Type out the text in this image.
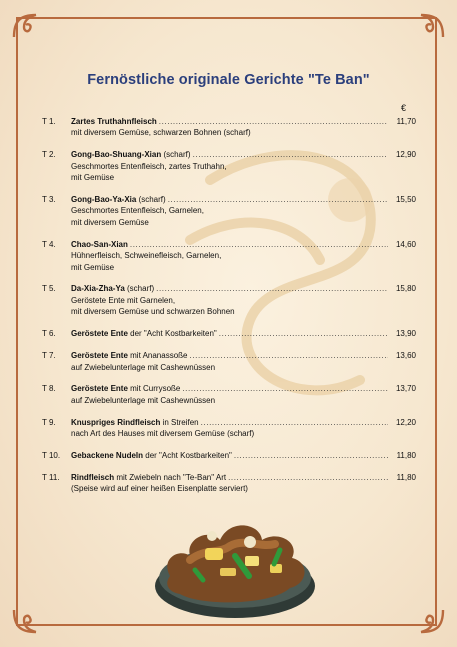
Fernöstliche originale Gerichte "Te Ban"
€
T 1. Zartes Truthahnfleisch .....	11,70
mit diversem Gemüse, schwarzen Bohnen (scharf)
T 2. Gong-Bao-Shuang-Xian (scharf) .....	12,90
Geschmortes Entenfleisch, zartes Truthahn,
mit Gemüse
T 3. Gong-Bao-Ya-Xia (scharf) .....	15,50
Geschmortes Entenfleisch, Garnelen,
mit diversem Gemüse
T 4. Chao-San-Xian .....	14,60
Hühnerfleisch, Schweinefleisch, Garnelen,
mit Gemüse
T 5. Da-Xia-Zha-Ya (scharf) .....	15,80
Geröstete Ente mit Garnelen,
mit diversem Gemüse und schwarzen Bohnen
T 6. Geröstete Ente der "Acht Kostbarkeiten" .....	13,90
T 7. Geröstete Ente mit Ananassoße .....	13,60
auf Zwiebelunterlage mit Cashewnüssen
T 8. Geröstete Ente mit Currysoße .....	13,70
auf Zwiebelunterlage mit Cashewnüssen
T 9. Knuspriges Rindfleisch in Streifen .....	12,20
nach Art des Hauses mit diversem Gemüse (scharf)
T 10. Gebackene Nudeln der "Acht Kostbarkeiten" .....	11,80
T 11. Rindfleisch mit Zwiebeln nach "Te-Ban" Art .....	11,80
(Speise wird auf einer heißen Eisenplatte serviert)
